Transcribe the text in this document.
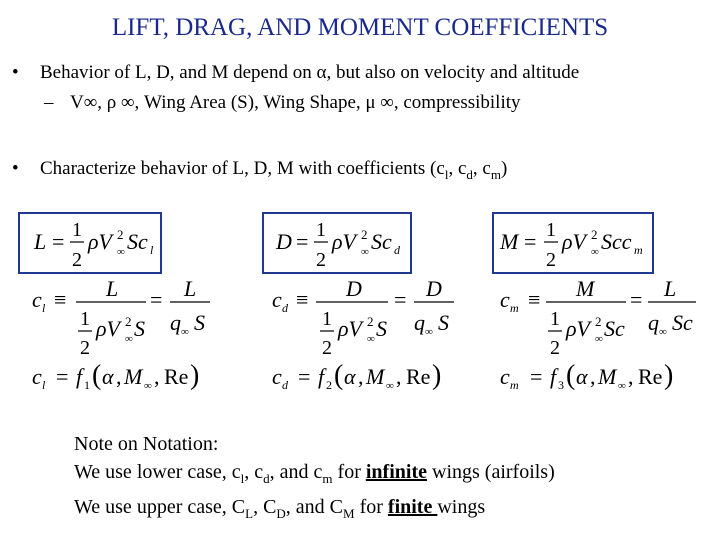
LIFT, DRAG, AND MOMENT COEFFICIENTS
• Behavior of L, D, and M depend on α, but also on velocity and altitude
– V∞, ρ ∞, Wing Area (S), Wing Shape, μ ∞, compressibility
• Characterize behavior of L, D, M with coefficients ($c_l$, $c_d$, $c_m$)
L = 1
2
ρV 2
∞ Sc l	D = 1
2
ρV 2
∞ Sc d	M = 1
2
ρV 2
∞ Scc m
c l ≡ L
1
2
ρV 2
∞ S
= L
q ∞ S
c d ≡ D
1
2
ρV 2
∞ S
= D
q ∞ S
c m ≡ M
1
2
ρV 2
∞ Sc
= L
q ∞ Sc
c l = f 1 ( α , M ∞ , Re )	c d = f 2 ( α , M ∞ , Re )	c m = f 3 ( α , M ∞ , Re )
Note on Notation:
We use lower case, $c_l$, $c_d$, and $c_m$ for infinite wings (airfoils)
We use upper case, $C_L$, $C_D$, and $C_M$ for finite wings
